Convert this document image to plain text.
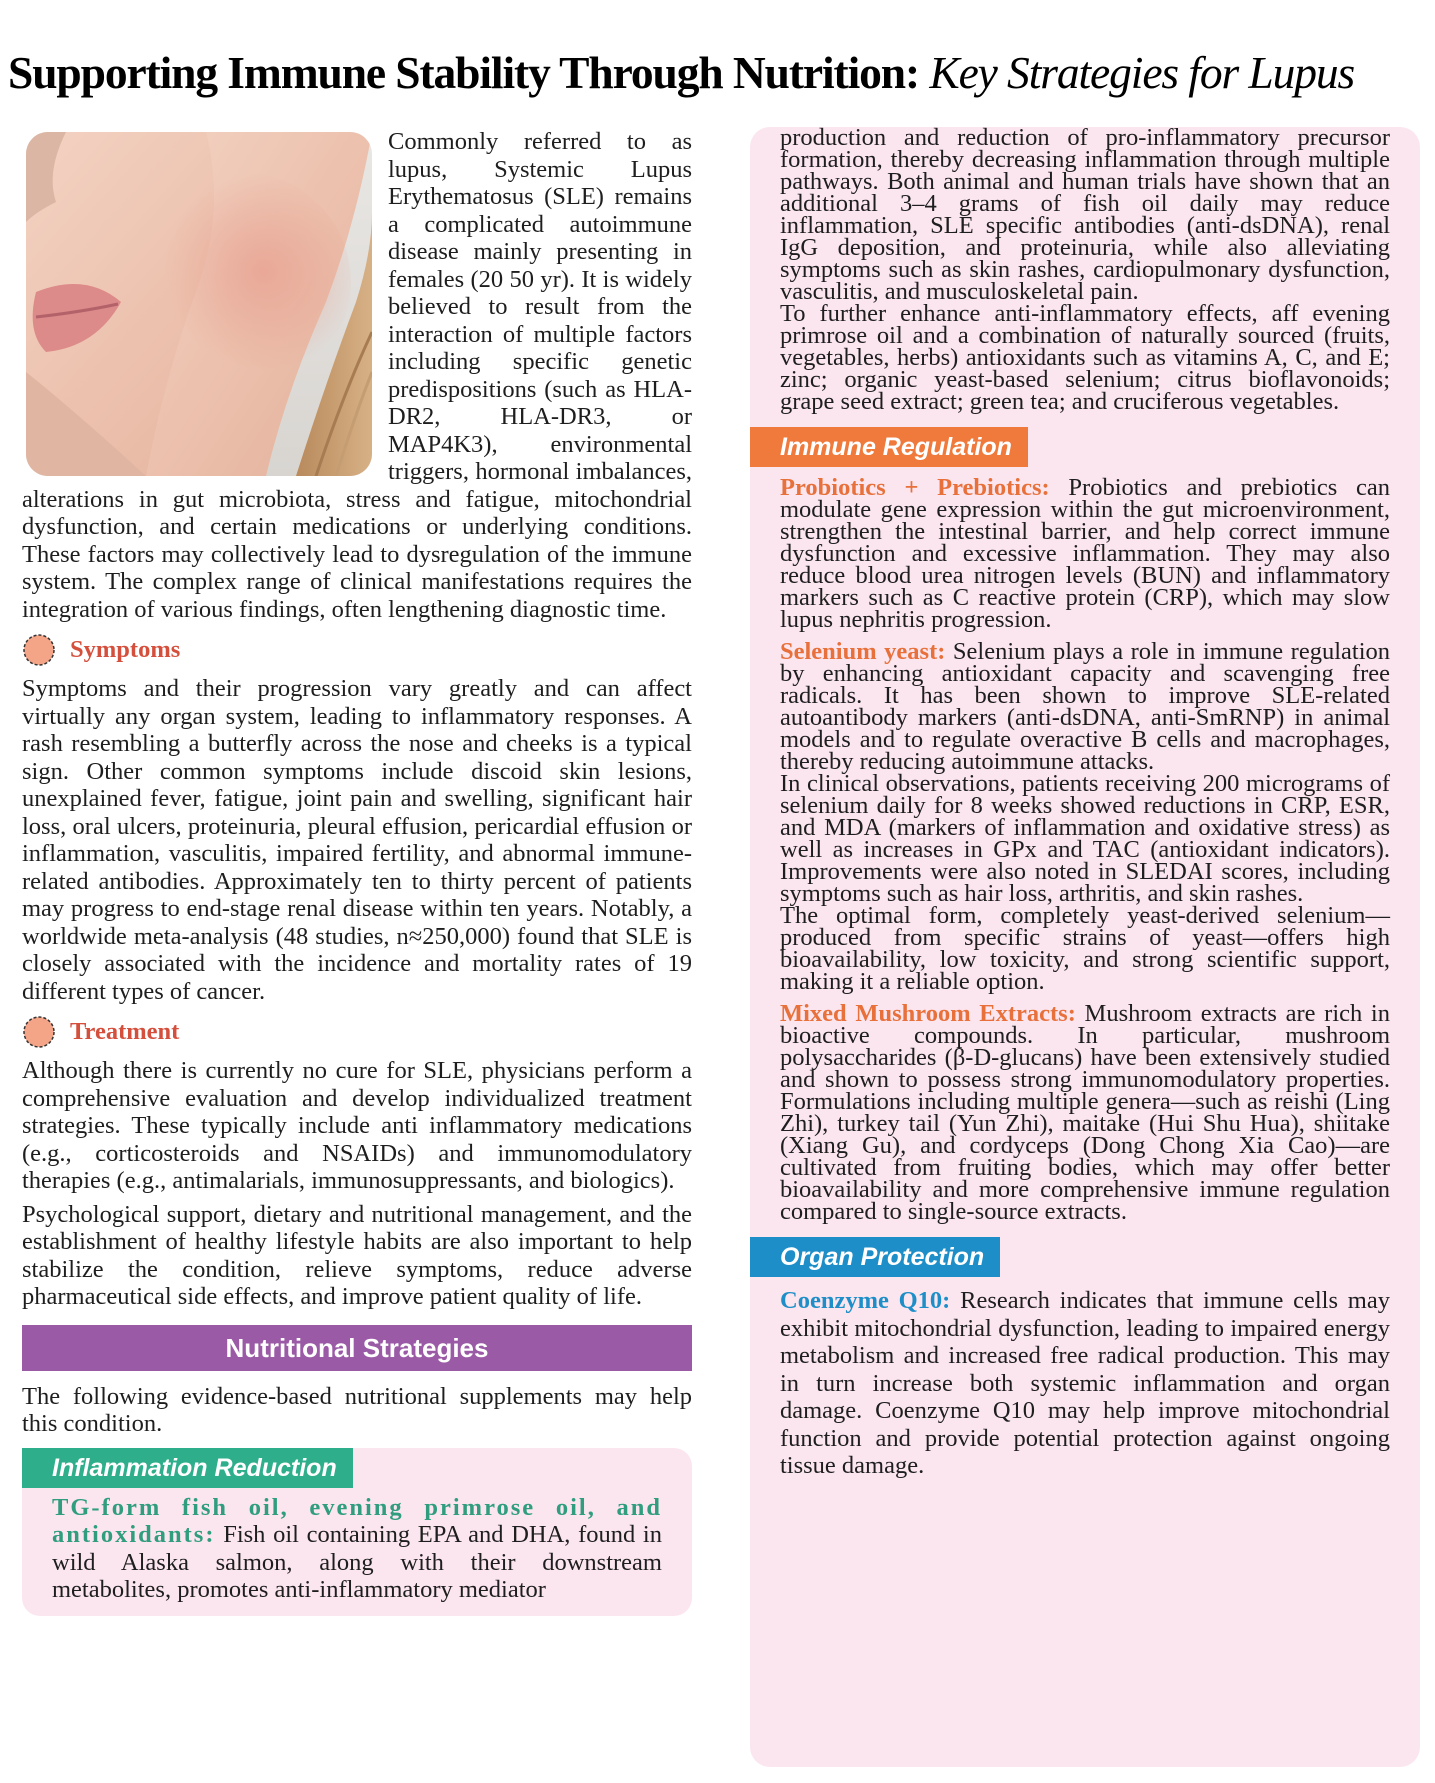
Supporting Immune Stability Through Nutrition: Key Strategies for Lupus

Commonly referred to as lupus, Systemic Lupus Erythematosus (SLE) remains a complicated autoimmune disease mainly presenting in females (20 50 yr). It is widely believed to result from the interaction of multiple factors including specific genetic predispositions (such as HLA-DR2, HLA-DR3, or MAP4K3), environmental triggers, hormonal imbalances, alterations in gut microbiota, stress and fatigue, mitochondrial dysfunction, and certain medications or underlying conditions. These factors may collectively lead to dysregulation of the immune system. The complex range of clinical manifestations requires the integration of various findings, often lengthening diagnostic time.

Symptoms

Symptoms and their progression vary greatly and can affect virtually any organ system, leading to inflammatory responses. A rash resembling a butterfly across the nose and cheeks is a typical sign. Other common symptoms include discoid skin lesions, unexplained fever, fatigue, joint pain and swelling, significant hair loss, oral ulcers, proteinuria, pleural effusion, pericardial effusion or inflammation, vasculitis, impaired fertility, and abnormal immune-related antibodies. Approximately ten to thirty percent of patients may progress to end-stage renal disease within ten years. Notably, a worldwide meta-analysis (48 studies, n≈250,000) found that SLE is closely associated with the incidence and mortality rates of 19 different types of cancer.

Treatment

Although there is currently no cure for SLE, physicians perform a comprehensive evaluation and develop individualized treatment strategies. These typically include anti inflammatory medications (e.g., corticosteroids and NSAIDs) and immunomodulatory therapies (e.g., antimalarials, immunosuppressants, and biologics).

Psychological support, dietary and nutritional management, and the establishment of healthy lifestyle habits are also important to help stabilize the condition, relieve symptoms, reduce adverse pharmaceutical side effects, and improve patient quality of life.

Nutritional Strategies

The following evidence-based nutritional supplements may help this condition.

Inflammation Reduction

TG-form fish oil, evening primrose oil, and antioxidants: Fish oil containing EPA and DHA, found in wild Alaska salmon, along with their downstream metabolites, promotes anti-inflammatory mediator

production and reduction of pro-inflammatory precursor formation, thereby decreasing inflammation through multiple pathways. Both animal and human trials have shown that an additional 3–4 grams of fish oil daily may reduce inflammation, SLE specific antibodies (anti-dsDNA), renal IgG deposition, and proteinuria, while also alleviating symptoms such as skin rashes, cardiopulmonary dysfunction, vasculitis, and musculoskeletal pain.

To further enhance anti-inflammatory effects, aff evening primrose oil and a combination of naturally sourced (fruits, vegetables, herbs) antioxidants such as vitamins A, C, and E; zinc; organic yeast-based selenium; citrus bioflavonoids; grape seed extract; green tea; and cruciferous vegetables.

Immune Regulation

Probiotics + Prebiotics: Probiotics and prebiotics can modulate gene expression within the gut microenvironment, strengthen the intestinal barrier, and help correct immune dysfunction and excessive inflammation. They may also reduce blood urea nitrogen levels (BUN) and inflammatory markers such as C reactive protein (CRP), which may slow lupus nephritis progression.

Selenium yeast: Selenium plays a role in immune regulation by enhancing antioxidant capacity and scavenging free radicals. It has been shown to improve SLE-related autoantibody markers (anti-dsDNA, anti-SmRNP) in animal models and to regulate overactive B cells and macrophages, thereby reducing autoimmune attacks.

In clinical observations, patients receiving 200 micrograms of selenium daily for 8 weeks showed reductions in CRP, ESR, and MDA (markers of inflammation and oxidative stress) as well as increases in GPx and TAC (antioxidant indicators). Improvements were also noted in SLEDAI scores, including symptoms such as hair loss, arthritis, and skin rashes.

The optimal form, completely yeast-derived selenium—produced from specific strains of yeast—offers high bioavailability, low toxicity, and strong scientific support, making it a reliable option.

Mixed Mushroom Extracts: Mushroom extracts are rich in bioactive compounds. In particular, mushroom polysaccharides (β-D-glucans) have been extensively studied and shown to possess strong immunomodulatory properties. Formulations including multiple genera—such as reishi (Ling Zhi), turkey tail (Yun Zhi), maitake (Hui Shu Hua), shiitake (Xiang Gu), and cordyceps (Dong Chong Xia Cao)—are cultivated from fruiting bodies, which may offer better bioavailability and more comprehensive immune regulation compared to single-source extracts.

Organ Protection

Coenzyme Q10: Research indicates that immune cells may exhibit mitochondrial dysfunction, leading to impaired energy metabolism and increased free radical production. This may in turn increase both systemic inflammation and organ damage. Coenzyme Q10 may help improve mitochondrial function and provide potential protection against ongoing tissue damage.
